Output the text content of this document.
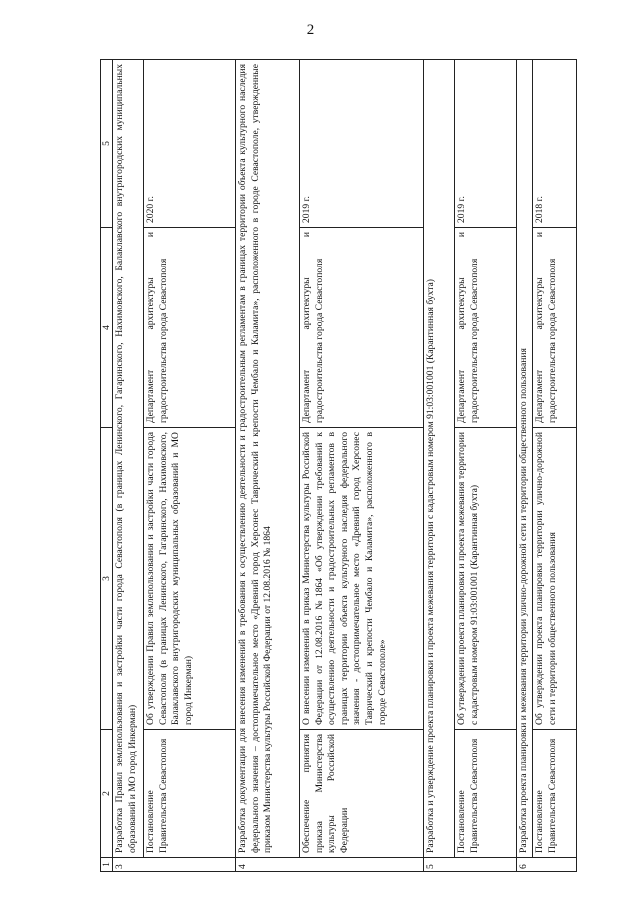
2
1	2	3	4	5
3	Разработка Правил землепользования и застройки части города Севастополя (в границах Ленинского, Гагаринского, Нахимовского, Балаклавского внутригородских муниципальных образований и МО город Инкерман)			
	Постановление Правительства Севастополя	Об утверждении Правил землепользования и застройки части города Севастополя (в границах Ленинского, Гагаринского, Нахимовского, Балаклавского внутригородских муниципальных образований и МО город Инкерман)	Департамент архитектуры и градостроительства города Севастополя	2020 г.
4	Разработка документации для внесения изменений в требования к осуществлению деятельности и градостроительным регламентам в границах территории объекта культурного наследия федерального значения – достопримечательное место «Древний город Херсонес Таврический и крепости Чембало и Каламита», расположенного в городе Севастополе, утвержденные приказом Министерства культуры Российской Федерации от 12.08.2016 № 1864			
	Обеспечение принятия приказа Министерства культуры Российской Федерации	О внесении изменений в приказ Министерства культуры Российской Федерации от 12.08.2016 №1864 «Об утверждении требований к осуществлению деятельности и градостроительных регламентов в границах территории объекта культурного наследия федерального значения - достопримечательное место «Древний город Херсонес Таврический и крепости Чембало и Каламита», расположенного в городе Севастополе»	Департамент архитектуры и градостроительства города Севастополя	2019 г.
5	Разработка и утверждение проекта планировки и проекта межевания территории с кадастровым номером 91:03:001001 (Карантинная бухта)			
	Постановление Правительства Севастополя	Об утверждении проекта планировки и проекта межевания территории с кадастровым номером 91:03:001001 (Карантинная бухта)	Департамент архитектуры и градостроительства города Севастополя	2019 г.
6	Разработка проекта планировки и межевания территории улично-дорожной сети и территории общественного пользования			
	Постановление Правительства Севастополя	Об утверждении проекта планировки территории улично-дорожной сети и территории общественного пользования	Департамент архитектуры и градостроительства города Севастополя	2018 г.
